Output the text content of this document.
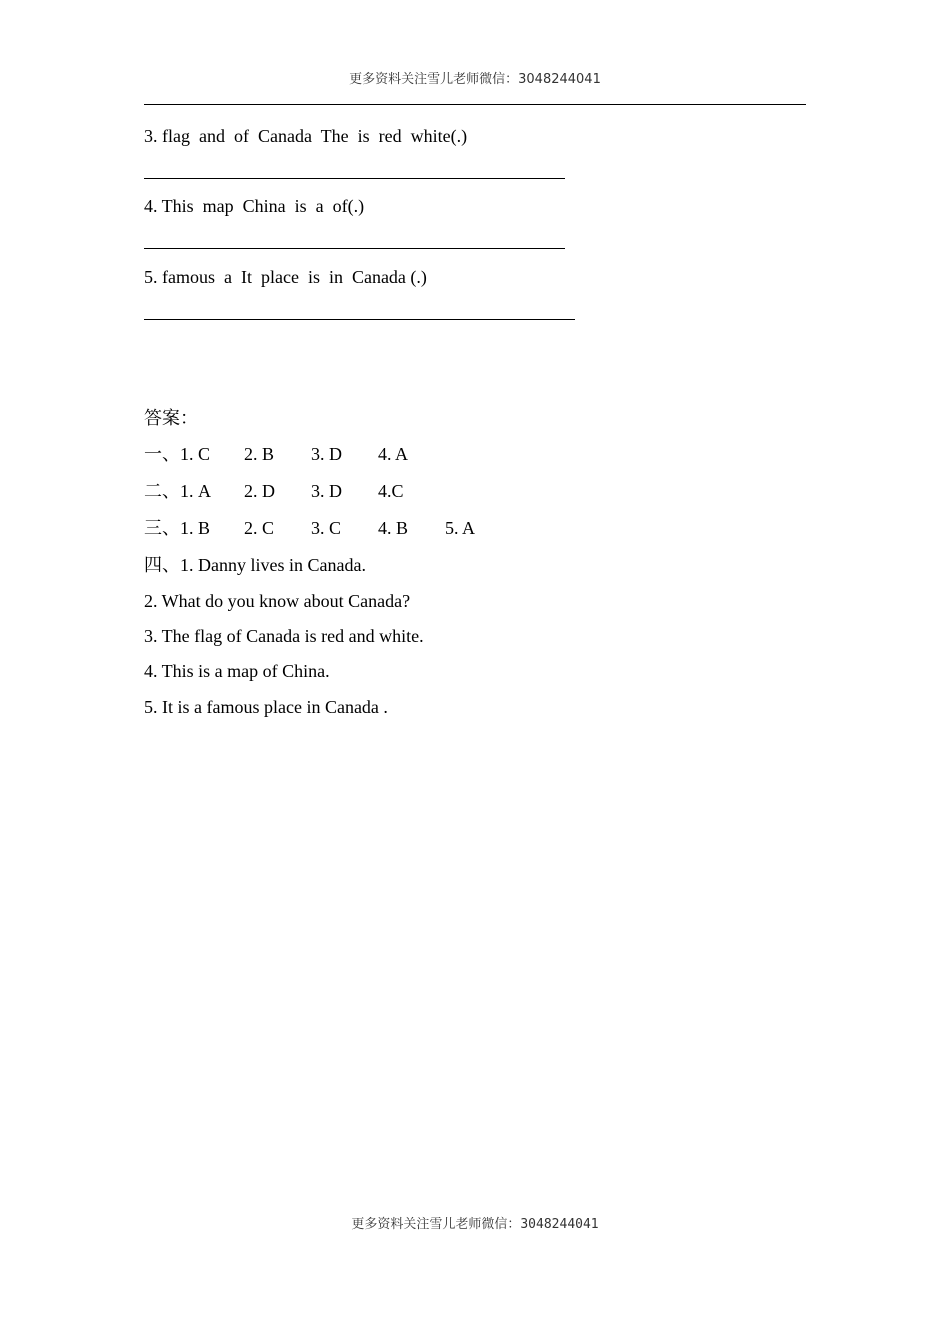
更多资料关注雪儿老师微信：3048244041
3. flag  and  of  Canada  The  is  red  white(.)
4. This  map  China  is  a  of(.)
5. famous  a  It  place  is  in  Canada (.)
答案：
一、1. C 2. B 3. D 4. A
二、1. A 2. D 3. D 4.C
三、1. B 2. C 3. C 4. B 5. A
四、1. Danny lives in Canada.
2. What do you know about Canada?
3. The flag of Canada is red and white.
4. This is a map of China.
5. It is a famous place in Canada .
更多资料关注雪儿老师微信：3048244041
